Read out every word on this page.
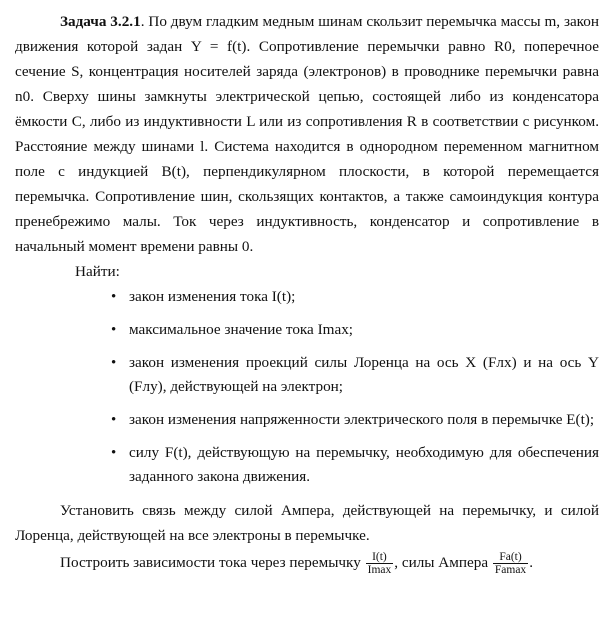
Задача 3.2.1. По двум гладким медным шинам скользит перемычка массы m, закон движения которой задан Y = f(t). Сопротивление перемычки равно R0, поперечное сечение S, концентрация носителей заряда (электронов) в проводнике перемычки равна n0. Сверху шины замкнуты электрической цепью, состоящей либо из конденсатора ёмкости C, либо из индуктивности L или из сопротивления R в соответствии с рисунком. Расстояние между шинами l. Система находится в однородном переменном магнитном поле с индукцией B(t), перпендикулярном плоскости, в которой перемещается перемычка. Сопротивление шин, скользящих контактов, а также самоиндукция контура пренебрежимо малы. Ток через индуктивность, конденсатор и сопротивление в начальный момент времени равны 0.

Найти:

• закон изменения тока I(t);
• максимальное значение тока Imax;
• закон изменения проекций силы Лоренца на ось X (Fлx) и на ось Y (Fлy), действующей на электрон;
• закон изменения напряженности электрического поля в перемычке E(t);
• силу F(t), действующую на перемычку, необходимую для обеспечения заданного закона движения.

Установить связь между силой Ампера, действующей на перемычку, и силой Лоренца, действующей на все электроны в перемычке.

Построить зависимости тока через перемычку $\frac{I(t)}{Imax}$ , силы Ампера $\frac{Fa(t)}{Famax}$ .
